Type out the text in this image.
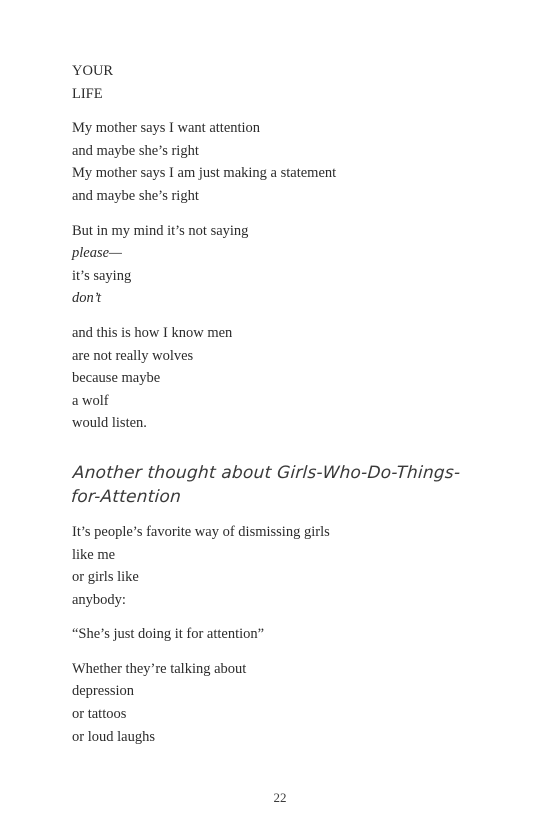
YOUR
LIFE
My mother says I want attention
and maybe she’s right
My mother says I am just making a statement
and maybe she’s right
But in my mind it’s not saying
please—
it’s saying
don’t
and this is how I know men
are not really wolves
because maybe
a wolf
would listen.
Another thought about Girls-Who-Do-Things-for-Attention
It’s people’s favorite way of dismissing girls
like me
or girls like
anybody:
“She’s just doing it for attention”
Whether they’re talking about
depression
or tattoos
or loud laughs
22
